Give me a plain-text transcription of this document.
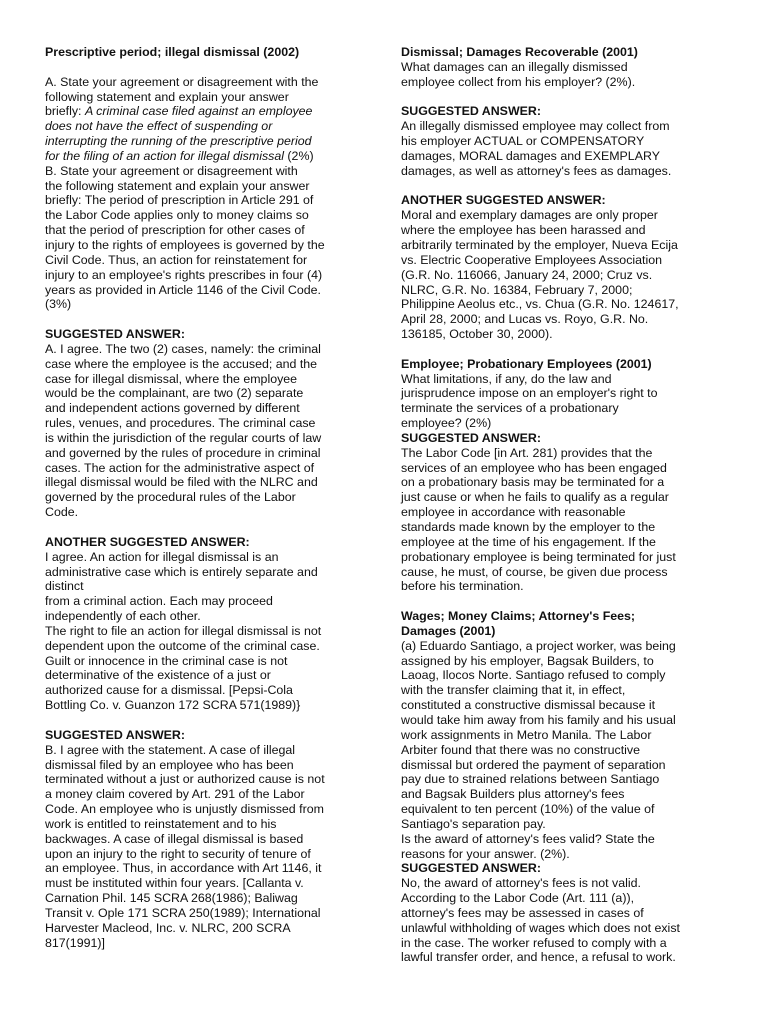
Prescriptive period; illegal dismissal (2002)

A. State your agreement or disagreement with the
following statement and explain your answer
briefly: A criminal case filed against an employee
does not have the effect of suspending or
interrupting the running of the prescriptive period
for the filing of an action for illegal dismissal (2%)

B. State your agreement or disagreement with
the following statement and explain your answer
briefly: The period of prescription in Article 291 of
the Labor Code applies only to money claims so
that the period of prescription for other cases of
injury to the rights of employees is governed by the
Civil Code. Thus, an action for reinstatement for
injury to an employee's rights prescribes in four (4)
years as provided in Article 1146 of the Civil Code.
(3%)

SUGGESTED ANSWER:

A. I agree. The two (2) cases, namely: the criminal
case where the employee is the accused; and the
case for illegal dismissal, where the employee
would be the complainant, are two (2) separate
and independent actions governed by different
rules, venues, and procedures. The criminal case
is within the jurisdiction of the regular courts of law
and governed by the rules of procedure in criminal
cases. The action for the administrative aspect of
illegal dismissal would be filed with the NLRC and
governed by the procedural rules of the Labor
Code.

ANOTHER SUGGESTED ANSWER:

I agree. An action for illegal dismissal is an
administrative case which is entirely separate and distinct
from a criminal action. Each may proceed
independently of each other.
The right to file an action for illegal dismissal is not
dependent upon the outcome of the criminal case.
Guilt or innocence in the criminal case is not
determinative of the existence of a just or
authorized cause for a dismissal. [Pepsi-Cola
Bottling Co. v. Guanzon 172 SCRA 571(1989)}

SUGGESTED ANSWER:

B. I agree with the statement. A case of illegal
dismissal filed by an employee who has been
terminated without a just or authorized cause is not
a money claim covered by Art. 291 of the Labor
Code. An employee who is unjustly dismissed from
work is entitled to reinstatement and to his
backwages. A case of illegal dismissal is based
upon an injury to the right to security of tenure of
an employee. Thus, in accordance with Art 1146, it
must be instituted within four years. [Callanta v.
Carnation Phil. 145 SCRA 268(1986); Baliwag
Transit v. Ople 171 SCRA 250(1989); International
Harvester Macleod, Inc. v. NLRC, 200 SCRA
817(1991)]

Dismissal; Damages Recoverable (2001)

What damages can an illegally dismissed
employee collect from his employer? (2%).

SUGGESTED ANSWER:

An illegally dismissed employee may collect from
his employer ACTUAL or COMPENSATORY
damages, MORAL damages and EXEMPLARY
damages, as well as attorney's fees as damages.

ANOTHER SUGGESTED ANSWER:

Moral and exemplary damages are only proper
where the employee has been harassed and
arbitrarily terminated by the employer, Nueva Ecija
vs. Electric Cooperative Employees Association
(G.R. No. 116066, January 24, 2000; Cruz vs.
NLRC, G.R. No. 16384, February 7, 2000;
Philippine Aeolus etc., vs. Chua (G.R. No. 124617,
April 28, 2000; and Lucas vs. Royo, G.R. No.
136185, October 30, 2000).

Employee; Probationary Employees (2001)

What limitations, if any, do the law and
jurisprudence impose on an employer's right to
terminate the services of a probationary
employee? (2%)

SUGGESTED ANSWER:

The Labor Code [in Art. 281) provides that the
services of an employee who has been engaged
on a probationary basis may be terminated for a
just cause or when he fails to qualify as a regular
employee in accordance with reasonable
standards made known by the employer to the
employee at the time of his engagement. If the
probationary employee is being terminated for just
cause, he must, of course, be given due process
before his termination.

Wages; Money Claims; Attorney's Fees;
Damages (2001)

(a) Eduardo Santiago, a project worker, was being
assigned by his employer, Bagsak Builders, to
Laoag, Ilocos Norte. Santiago refused to comply
with the transfer claiming that it, in effect,
constituted a constructive dismissal because it
would take him away from his family and his usual
work assignments in Metro Manila. The Labor
Arbiter found that there was no constructive
dismissal but ordered the payment of separation
pay due to strained relations between Santiago
and Bagsak Builders plus attorney's fees
equivalent to ten percent (10%) of the value of
Santiago's separation pay.
Is the award of attorney's fees valid? State the
reasons for your answer. (2%).

SUGGESTED ANSWER:

No, the award of attorney's fees is not valid.
According to the Labor Code (Art. 111 (a)),
attorney's fees may be assessed in cases of
unlawful withholding of wages which does not exist
in the case. The worker refused to comply with a
lawful transfer order, and hence, a refusal to work.
